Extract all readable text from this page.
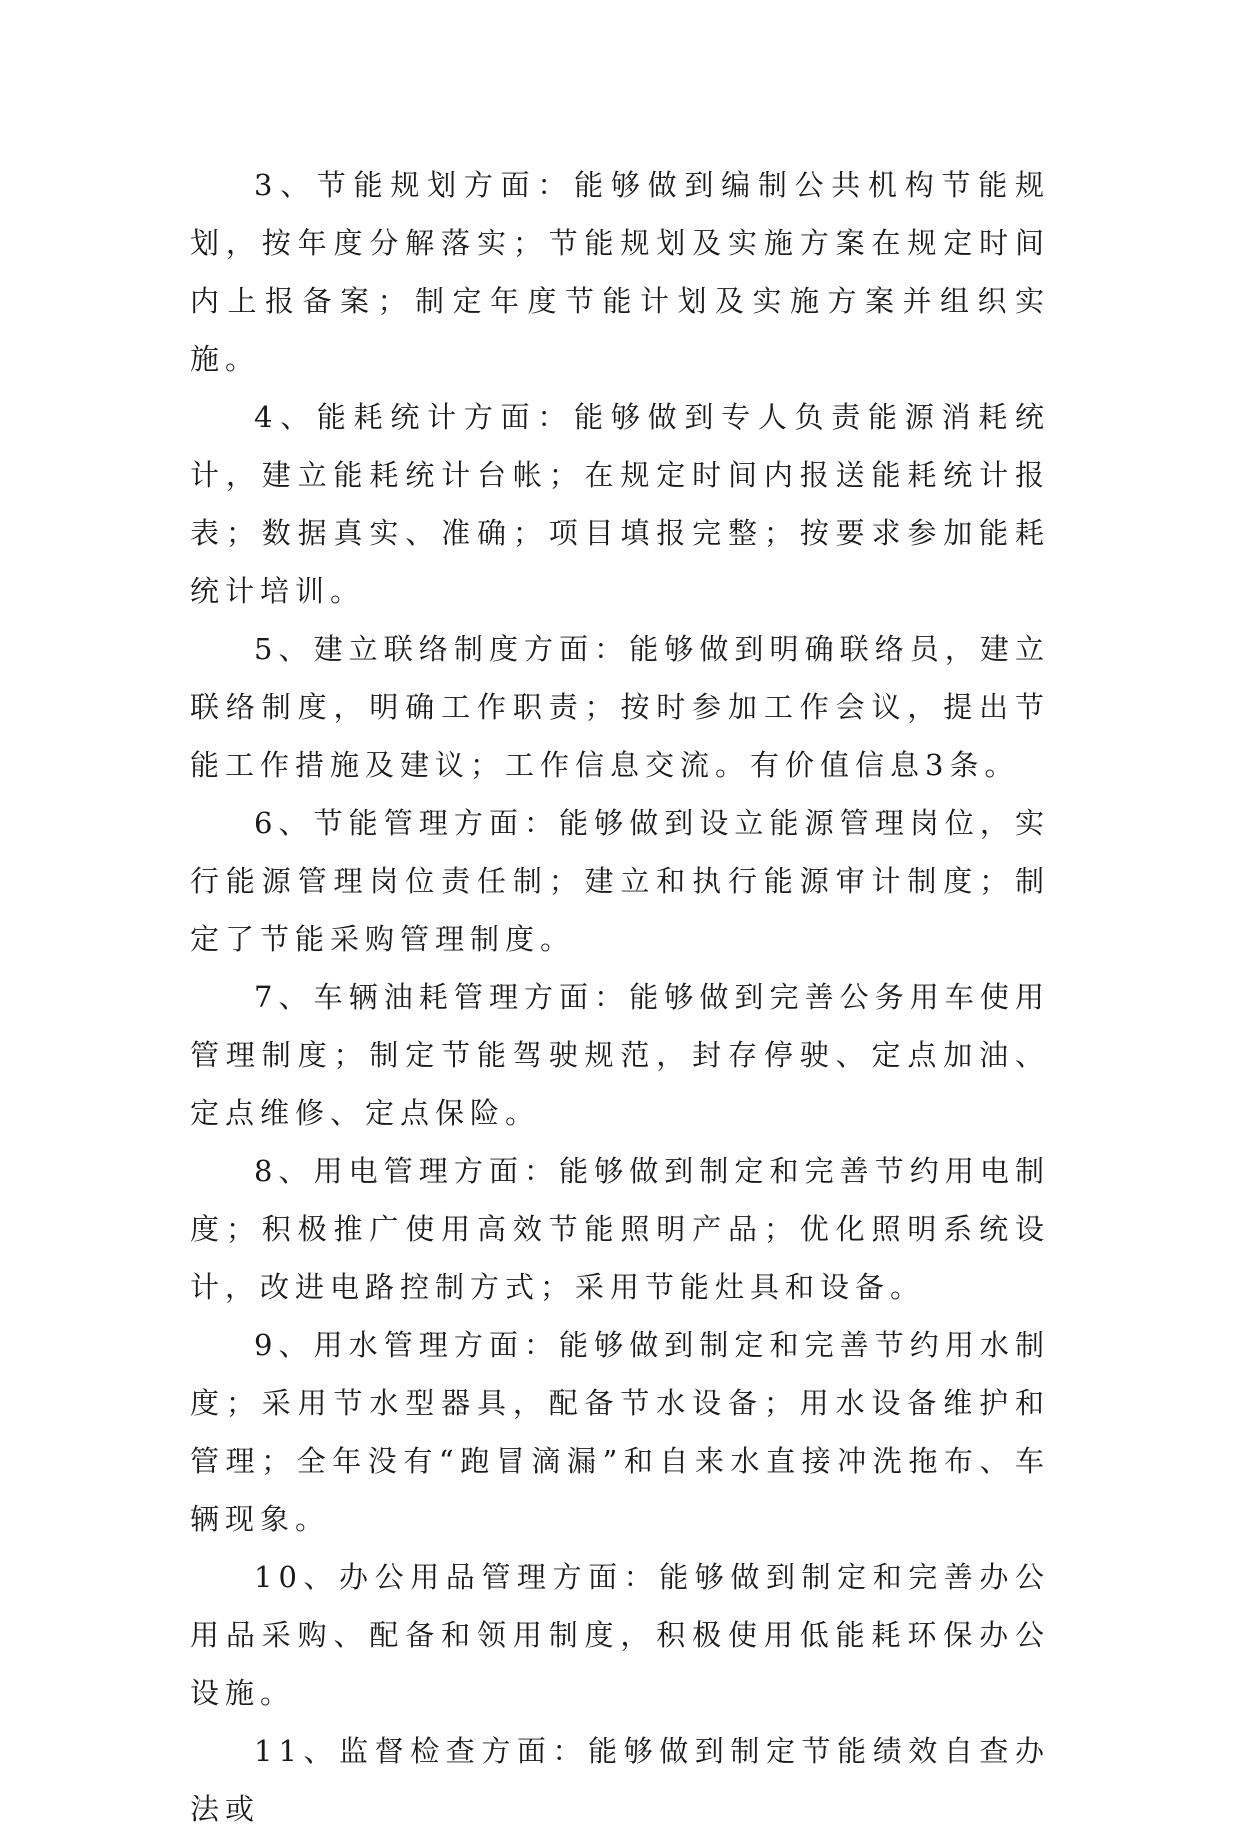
3、节能规划方面：能够做到编制公共机构节能规划，按年度分解落实；节能规划及实施方案在规定时间内上报备案；制定年度节能计划及实施方案并组织实施。

4、能耗统计方面：能够做到专人负责能源消耗统计，建立能耗统计台帐；在规定时间内报送能耗统计报表；数据真实、准确；项目填报完整；按要求参加能耗统计培训。

5、建立联络制度方面：能够做到明确联络员，建立联络制度，明确工作职责；按时参加工作会议，提出节能工作措施及建议；工作信息交流。有价值信息3条。

6、节能管理方面：能够做到设立能源管理岗位，实行能源管理岗位责任制；建立和执行能源审计制度；制定了节能采购管理制度。

7、车辆油耗管理方面：能够做到完善公务用车使用管理制度；制定节能驾驶规范，封存停驶、定点加油、定点维修、定点保险。

8、用电管理方面：能够做到制定和完善节约用电制度；积极推广使用高效节能照明产品；优化照明系统设计，改进电路控制方式；采用节能灶具和设备。

9、用水管理方面：能够做到制定和完善节约用水制度；采用节水型器具，配备节水设备；用水设备维护和管理；全年没有“跑冒滴漏”和自来水直接冲洗拖布、车辆现象。

10、办公用品管理方面：能够做到制定和完善办公用品采购、配备和领用制度，积极使用低能耗环保办公设施。

11、监督检查方面：能够做到制定节能绩效自查办法或
